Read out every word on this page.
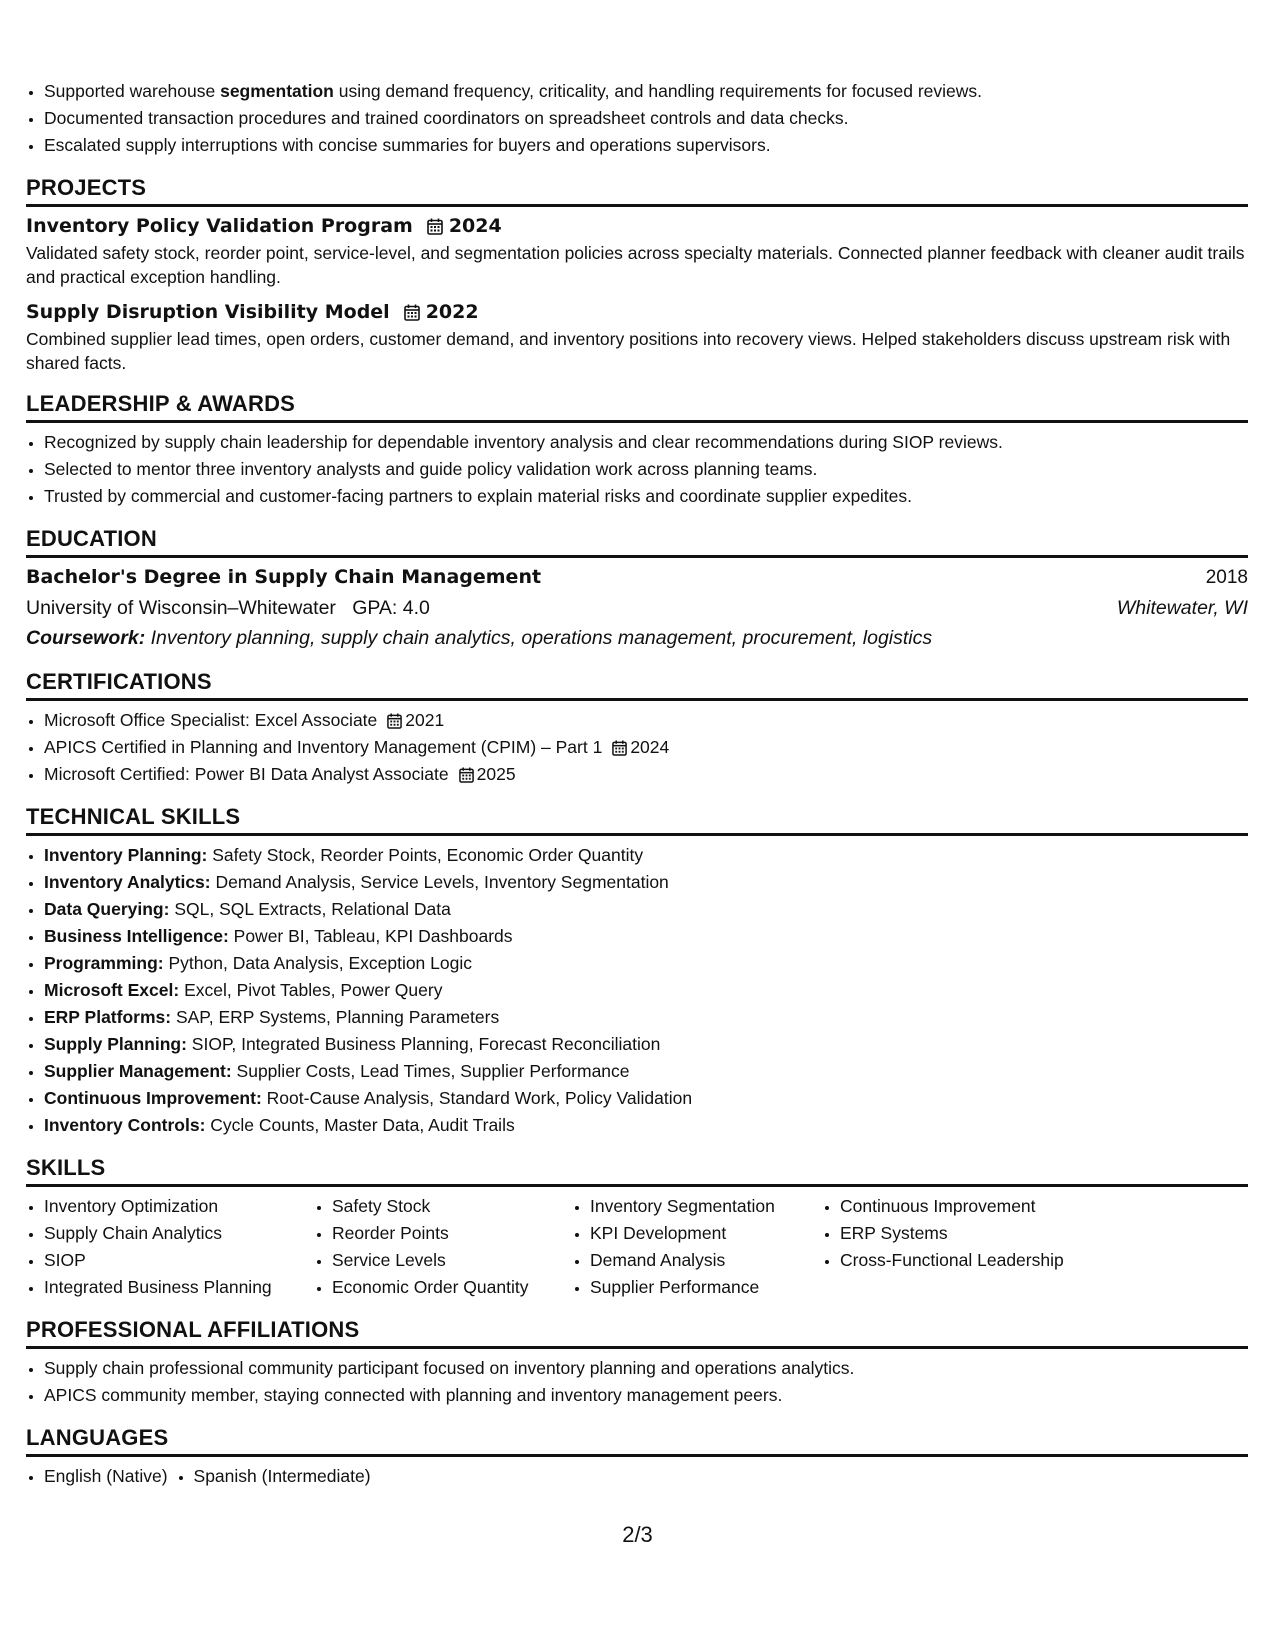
• Supported warehouse segmentation using demand frequency, criticality, and handling requirements for focused reviews.
• Documented transaction procedures and trained coordinators on spreadsheet controls and data checks.
• Escalated supply interruptions with concise summaries for buyers and operations supervisors.
PROJECTS
Inventory Policy Validation Program 2024
Validated safety stock, reorder point, service-level, and segmentation policies across specialty materials. Connected planner feedback with cleaner audit trails and practical exception handling.
Supply Disruption Visibility Model 2022
Combined supplier lead times, open orders, customer demand, and inventory positions into recovery views. Helped stakeholders discuss upstream risk with shared facts.
LEADERSHIP & AWARDS
• Recognized by supply chain leadership for dependable inventory analysis and clear recommendations during SIOP reviews.
• Selected to mentor three inventory analysts and guide policy validation work across planning teams.
• Trusted by commercial and customer-facing partners to explain material risks and coordinate supplier expedites.
EDUCATION
Bachelor's Degree in Supply Chain Management	2018
University of Wisconsin–Whitewater GPA: 4.0	Whitewater, WI
Coursework: Inventory planning, supply chain analytics, operations management, procurement, logistics
CERTIFICATIONS
• Microsoft Office Specialist: Excel Associate 2021
• APICS Certified in Planning and Inventory Management (CPIM) – Part 1 2024
• Microsoft Certified: Power BI Data Analyst Associate 2025
TECHNICAL SKILLS
• Inventory Planning: Safety Stock, Reorder Points, Economic Order Quantity
• Inventory Analytics: Demand Analysis, Service Levels, Inventory Segmentation
• Data Querying: SQL, SQL Extracts, Relational Data
• Business Intelligence: Power BI, Tableau, KPI Dashboards
• Programming: Python, Data Analysis, Exception Logic
• Microsoft Excel: Excel, Pivot Tables, Power Query
• ERP Platforms: SAP, ERP Systems, Planning Parameters
• Supply Planning: SIOP, Integrated Business Planning, Forecast Reconciliation
• Supplier Management: Supplier Costs, Lead Times, Supplier Performance
• Continuous Improvement: Root-Cause Analysis, Standard Work, Policy Validation
• Inventory Controls: Cycle Counts, Master Data, Audit Trails
SKILLS
• Inventory Optimization
• Supply Chain Analytics
• SIOP
• Integrated Business Planning
• Safety Stock
• Reorder Points
• Service Levels
• Economic Order Quantity
• Inventory Segmentation
• KPI Development
• Demand Analysis
• Supplier Performance
• Continuous Improvement
• ERP Systems
• Cross-Functional Leadership
PROFESSIONAL AFFILIATIONS
• Supply chain professional community participant focused on inventory planning and operations analytics.
• APICS community member, staying connected with planning and inventory management peers.
LANGUAGES
• English (Native)
• Spanish (Intermediate)
2/3
